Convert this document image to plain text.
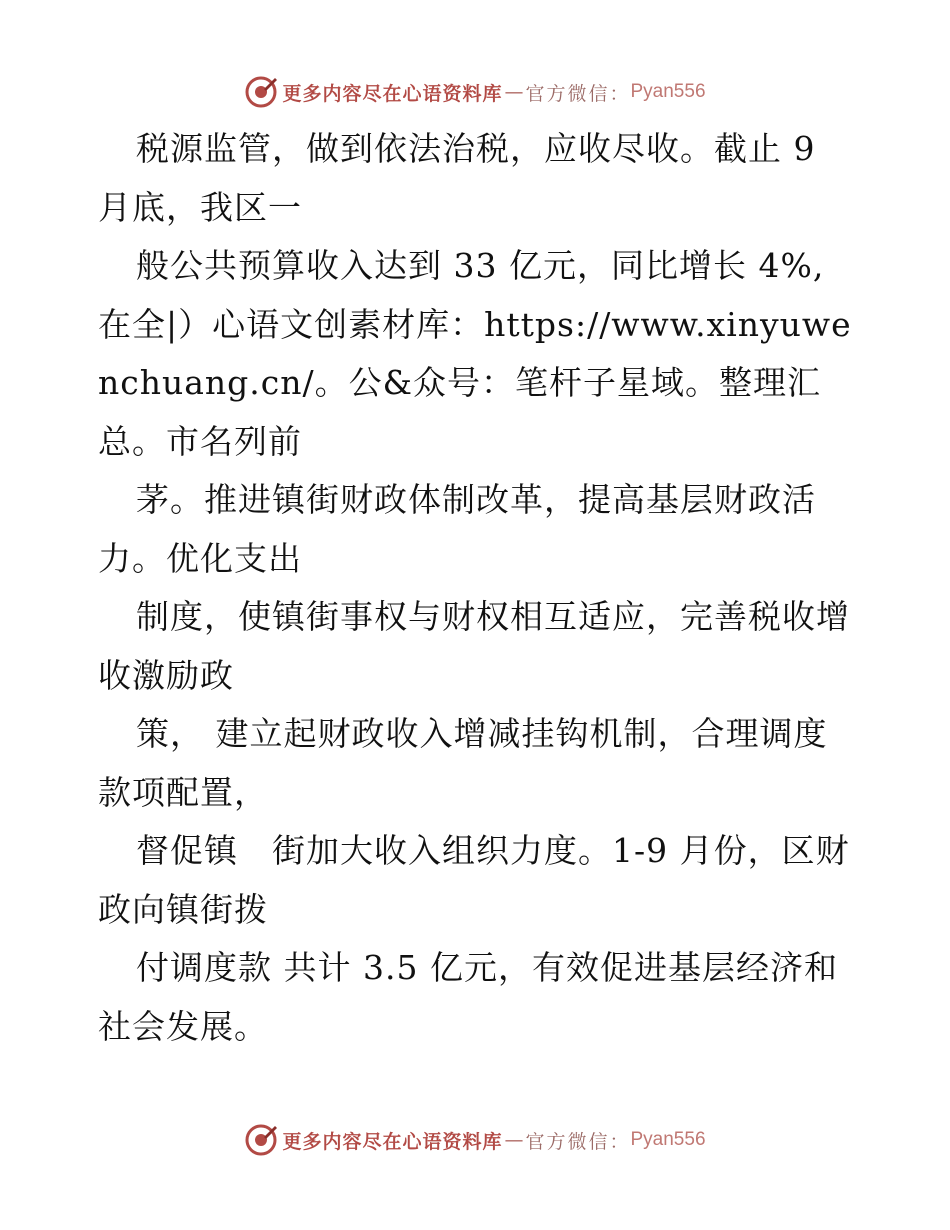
更多内容尽在心语资料库 — 官方微信： Pyan556

税源监管，做到依法治税，应收尽收。截止 9 月底，我区一

般公共预算收入达到 33 亿元，同比增长 4%,在全|）心语文创素材库：https://www.xinyuwenchuang.cn/。公&众号：笔杆子星域。整理汇总。市名列前

茅。推进镇街财政体制改革，提高基层财政活力。优化支出

制度，使镇街事权与财权相互适应，完善税收增收激励政

策， 建立起财政收入增减挂钩机制，合理调度款项配置，

督促镇　街加大收入组织力度。1-9 月份，区财政向镇街拨

付调度款 共计 3.5 亿元，有效促进基层经济和社会发展。

更多内容尽在心语资料库 — 官方微信： Pyan556
